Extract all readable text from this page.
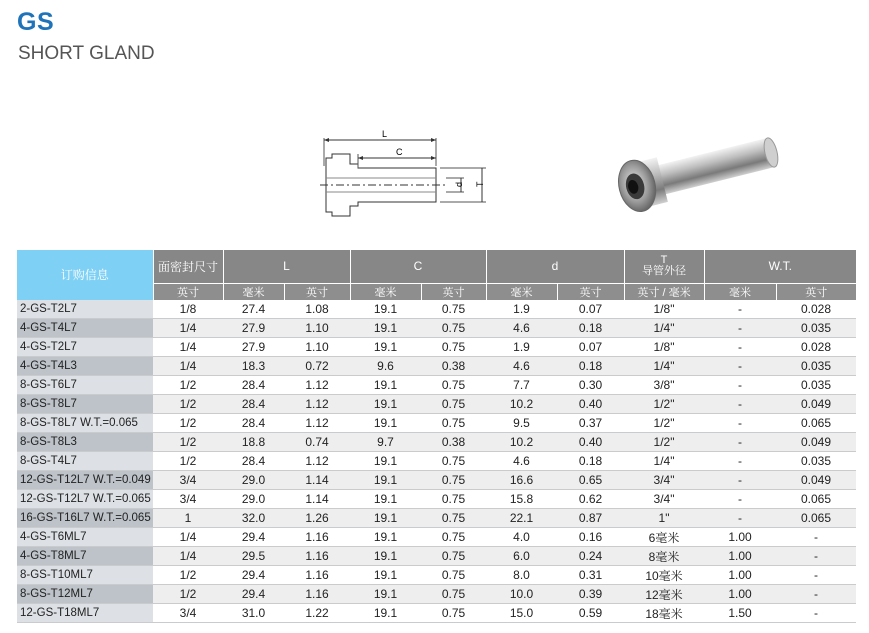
GS
SHORT GLAND
L
C
d T
订购信息	面密封尺寸	L		C		d		T
导管外径	W.T.	
	英寸	毫米	英寸	毫米	英寸	毫米	英寸	英寸 / 毫米	毫米	英寸
2-GS-T2L7	1/8	27.4	1.08	19.1	0.75	1.9	0.07	1/8"	-	0.028
4-GS-T4L7	1/4	27.9	1.10	19.1	0.75	4.6	0.18	1/4"	-	0.035
4-GS-T2L7	1/4	27.9	1.10	19.1	0.75	1.9	0.07	1/8"	-	0.028
4-GS-T4L3	1/4	18.3	0.72	9.6	0.38	4.6	0.18	1/4"	-	0.035
8-GS-T6L7	1/2	28.4	1.12	19.1	0.75	7.7	0.30	3/8"	-	0.035
8-GS-T8L7	1/2	28.4	1.12	19.1	0.75	10.2	0.40	1/2"	-	0.049
8-GS-T8L7 W.T.=0.065	1/2	28.4	1.12	19.1	0.75	9.5	0.37	1/2"	-	0.065
8-GS-T8L3	1/2	18.8	0.74	9.7	0.38	10.2	0.40	1/2"	-	0.049
8-GS-T4L7	1/2	28.4	1.12	19.1	0.75	4.6	0.18	1/4"	-	0.035
12-GS-T12L7 W.T.=0.049	3/4	29.0	1.14	19.1	0.75	16.6	0.65	3/4"	-	0.049
12-GS-T12L7 W.T.=0.065	3/4	29.0	1.14	19.1	0.75	15.8	0.62	3/4"	-	0.065
16-GS-T16L7 W.T.=0.065	1	32.0	1.26	19.1	0.75	22.1	0.87	1"	-	0.065
4-GS-T6ML7	1/4	29.4	1.16	19.1	0.75	4.0	0.16	6毫米	1.00	-
4-GS-T8ML7	1/4	29.5	1.16	19.1	0.75	6.0	0.24	8毫米	1.00	-
8-GS-T10ML7	1/2	29.4	1.16	19.1	0.75	8.0	0.31	10毫米	1.00	-
8-GS-T12ML7	1/2	29.4	1.16	19.1	0.75	10.0	0.39	12毫米	1.00	-
12-GS-T18ML7	3/4	31.0	1.22	19.1	0.75	15.0	0.59	18毫米	1.50	-
